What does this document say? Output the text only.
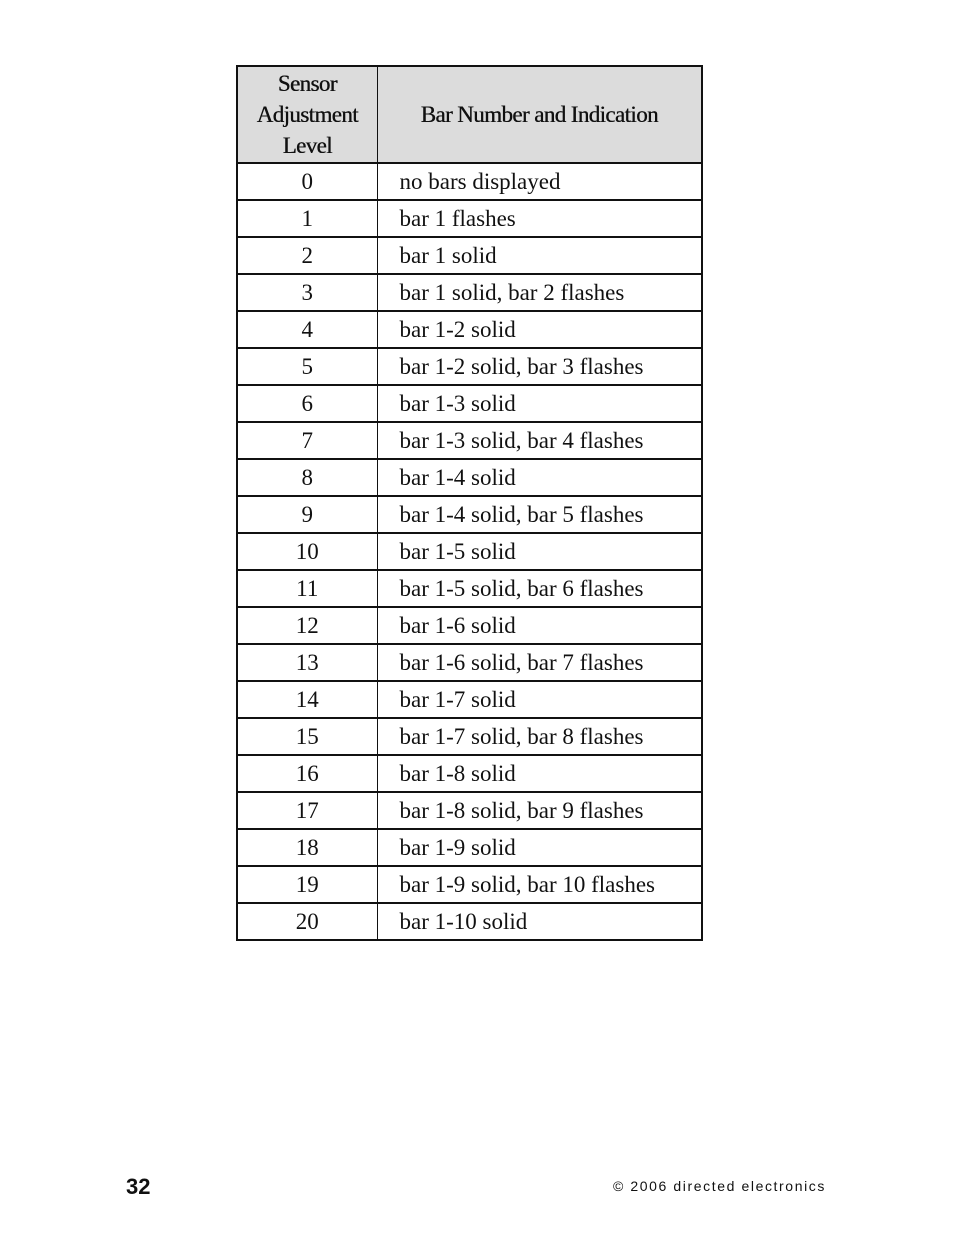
Sensor
Adjustment
Level	Bar Number and Indication
0	no bars displayed
1	bar 1 flashes
2	bar 1 solid
3	bar 1 solid, bar 2 flashes
4	bar 1-2 solid
5	bar 1-2 solid, bar 3 flashes
6	bar 1-3 solid
7	bar 1-3 solid, bar 4 flashes
8	bar 1-4 solid
9	bar 1-4 solid, bar 5 flashes
10	bar 1-5 solid
11	bar 1-5 solid, bar 6 flashes
12	bar 1-6 solid
13	bar 1-6 solid, bar 7 flashes
14	bar 1-7 solid
15	bar 1-7 solid, bar 8 flashes
16	bar 1-8 solid
17	bar 1-8 solid, bar 9 flashes
18	bar 1-9 solid
19	bar 1-9 solid, bar 10 flashes
20	bar 1-10 solid
32	© 2006 directed electronics
